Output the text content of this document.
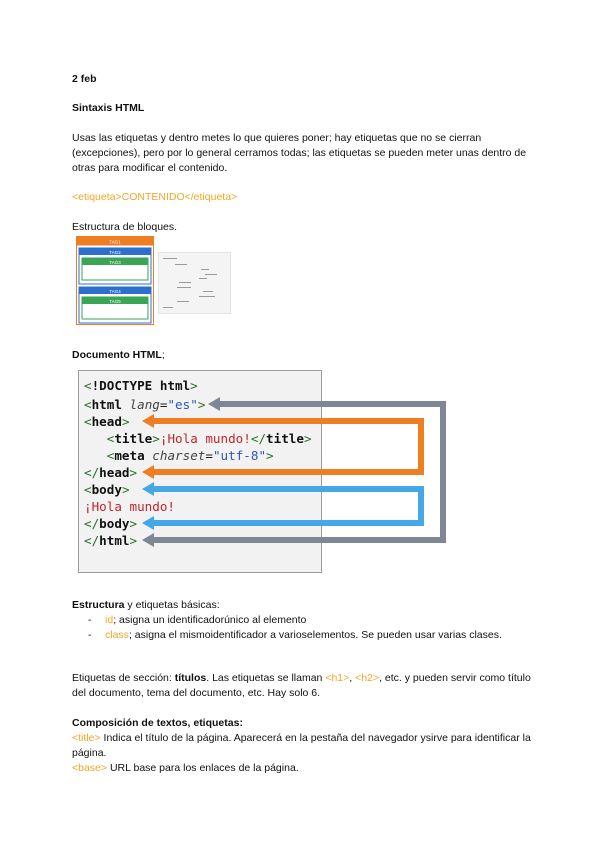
2 feb

Sintaxis HTML

Usas las etiquetas y dentro metes lo que quieres poner; hay etiquetas que no se cierran (excepciones), pero por lo general cerramos todas; las etiquetas se pueden meter unas dentro de otras para modificar el contenido.

<etiqueta>CONTENIDO</etiqueta>

Estructura de bloques.

TAG1
TAG2
TAG3
TAG4
TAG5

Documento HTML;

<!DOCTYPE html>
<html lang="es">
<head>
<title>¡Hola mundo!</title>
<meta charset="utf-8">
</head>
<body>
¡Hola mundo!
</body>
</html>

Estructura y etiquetas básicas:

- id; asigna un identificadorúnico al elemento
- class; asigna el mismoidentificador a varioselementos. Se pueden usar varias clases.

Etiquetas de sección: títulos. Las etiquetas se llaman <h1>, <h2>, etc. y pueden servir como título del documento, tema del documento, etc. Hay solo 6.

Composición de textos, etiquetas:

<title> Indica el título de la página. Aparecerá en la pestaña del navegador ysirve para identificar la página.

<base> URL base para los enlaces de la página.
